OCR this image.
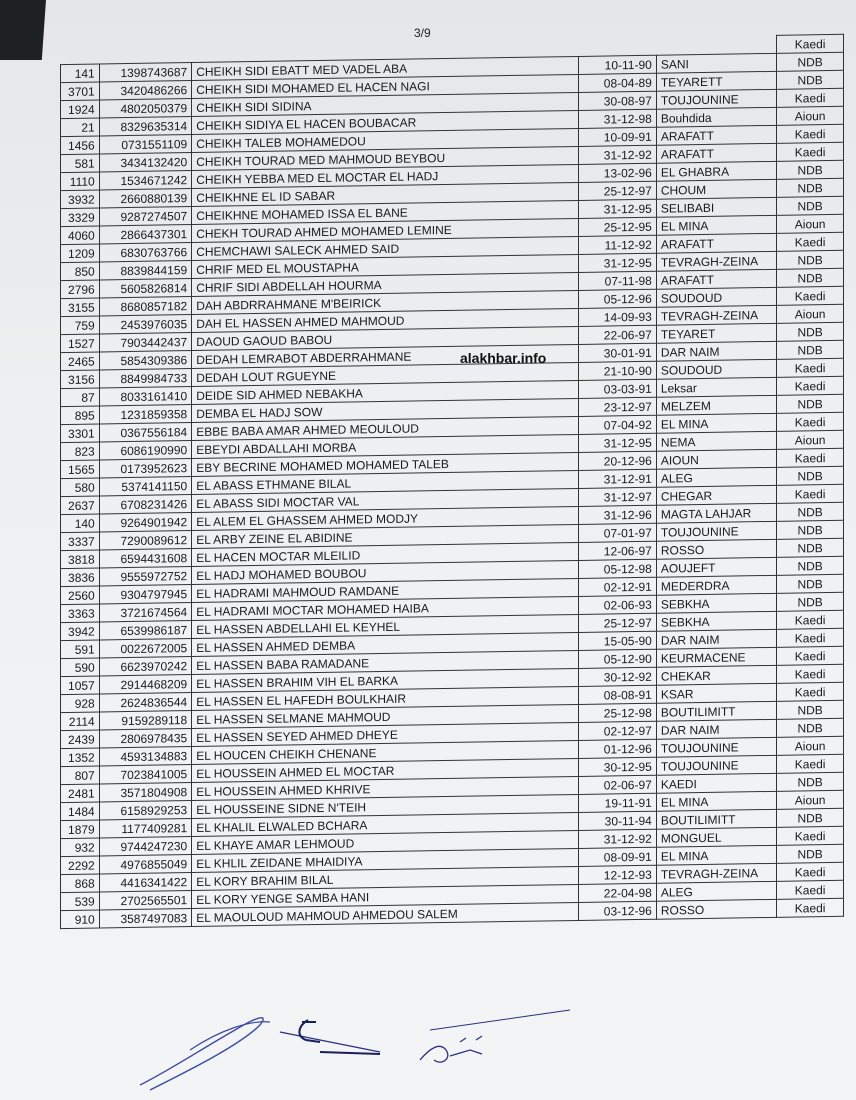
3/9
					Kaedi
141	1398743687	CHEIKH SIDI EBATT MED VADEL ABA	10-11-90	SANI	NDB
3701	3420486266	CHEIKH SIDI MOHAMED EL HACEN NAGI	08-04-89	TEYARETT	NDB
1924	4802050379	CHEIKH SIDI SIDINA	30-08-97	TOUJOUNINE	Kaedi
21	8329635314	CHEIKH SIDIYA EL HACEN BOUBACAR	31-12-98	Bouhdida	Aioun
1456	0731551109	CHEIKH TALEB MOHAMEDOU	10-09-91	ARAFATT	Kaedi
581	3434132420	CHEIKH TOURAD MED MAHMOUD BEYBOU	31-12-92	ARAFATT	Kaedi
1110	1534671242	CHEIKH YEBBA MED EL MOCTAR EL HADJ	13-02-96	EL GHABRA	NDB
3932	2660880139	CHEIKHNE EL ID SABAR	25-12-97	CHOUM	NDB
3329	9287274507	CHEIKHNE MOHAMED ISSA EL BANE	31-12-95	SELIBABI	NDB
4060	2866437301	CHEKH TOURAD AHMED MOHAMED LEMINE	25-12-95	EL MINA	Aioun
1209	6830763766	CHEMCHAWI SALECK AHMED SAID	11-12-92	ARAFATT	Kaedi
850	8839844159	CHRIF MED EL MOUSTAPHA	31-12-95	TEVRAGH-ZEINA	NDB
2796	5605826814	CHRIF SIDI ABDELLAH HOURMA	07-11-98	ARAFATT	NDB
3155	8680857182	DAH ABDRRAHMANE M'BEIRICK	05-12-96	SOUDOUD	Kaedi
759	2453976035	DAH EL HASSEN AHMED MAHMOUD	14-09-93	TEVRAGH-ZEINA	Aioun
1527	7903442437	DAOUD GAOUD BABOU	22-06-97	TEYARET	NDB
2465	5854309386	DEDAH LEMRABOT ABDERRAHMANE	30-01-91	DAR NAIM	NDB
3156	8849984733	DEDAH LOUT RGUEYNE	21-10-90	SOUDOUD	Kaedi
87	8033161410	DEIDE SID AHMED NEBAKHA	03-03-91	Leksar	Kaedi
895	1231859358	DEMBA EL HADJ SOW	23-12-97	MELZEM	NDB
3301	0367556184	EBBE BABA AMAR AHMED MEOULOUD	07-04-92	EL MINA	Kaedi
823	6086190990	EBEYDI ABDALLAHI MORBA	31-12-95	NEMA	Aioun
1565	0173952623	EBY BECRINE MOHAMED MOHAMED TALEB	20-12-96	AIOUN	Kaedi
580	5374141150	EL ABASS ETHMANE BILAL	31-12-91	ALEG	NDB
2637	6708231426	EL ABASS SIDI MOCTAR VAL	31-12-97	CHEGAR	Kaedi
140	9264901942	EL ALEM EL GHASSEM AHMED MODJY	31-12-96	MAGTA LAHJAR	NDB
3337	7290089612	EL ARBY ZEINE EL ABIDINE	07-01-97	TOUJOUNINE	NDB
3818	6594431608	EL HACEN MOCTAR MLEILID	12-06-97	ROSSO	NDB
3836	9555972752	EL HADJ MOHAMED BOUBOU	05-12-98	AOUJEFT	NDB
2560	9304797945	EL HADRAMI MAHMOUD RAMDANE	02-12-91	MEDERDRA	NDB
3363	3721674564	EL HADRAMI MOCTAR MOHAMED HAIBA	02-06-93	SEBKHA	NDB
3942	6539986187	EL HASSEN ABDELLAHI EL KEYHEL	25-12-97	SEBKHA	Kaedi
591	0022672005	EL HASSEN AHMED DEMBA	15-05-90	DAR NAIM	Kaedi
590	6623970242	EL HASSEN BABA RAMADANE	05-12-90	KEURMACENE	Kaedi
1057	2914468209	EL HASSEN BRAHIM VIH EL BARKA	30-12-92	CHEKAR	Kaedi
928	2624836544	EL HASSEN EL HAFEDH BOULKHAIR	08-08-91	KSAR	Kaedi
2114	9159289118	EL HASSEN SELMANE MAHMOUD	25-12-98	BOUTILIMITT	NDB
2439	2806978435	EL HASSEN SEYED AHMED DHEYE	02-12-97	DAR NAIM	NDB
1352	4593134883	EL HOUCEN CHEIKH CHENANE	01-12-96	TOUJOUNINE	Aioun
807	7023841005	EL HOUSSEIN AHMED EL MOCTAR	30-12-95	TOUJOUNINE	Kaedi
2481	3571804908	EL HOUSSEIN AHMED KHRIVE	02-06-97	KAEDI	NDB
1484	6158929253	EL HOUSSEINE SIDNE N'TEIH	19-11-91	EL MINA	Aioun
1879	1177409281	EL KHALIL ELWALED BCHARA	30-11-94	BOUTILIMITT	NDB
932	9744247230	EL KHAYE AMAR LEHMOUD	31-12-92	MONGUEL	Kaedi
2292	4976855049	EL KHLIL ZEIDANE MHAIDIYA	08-09-91	EL MINA	NDB
868	4416341422	EL KORY BRAHIM BILAL	12-12-93	TEVRAGH-ZEINA	Kaedi
539	2702565501	EL KORY YENGE SAMBA HANI	22-04-98	ALEG	Kaedi
910	3587497083	EL MAOULOUD MAHMOUD AHMEDOU SALEM	03-12-96	ROSSO	Kaedi
alakhbar.info
